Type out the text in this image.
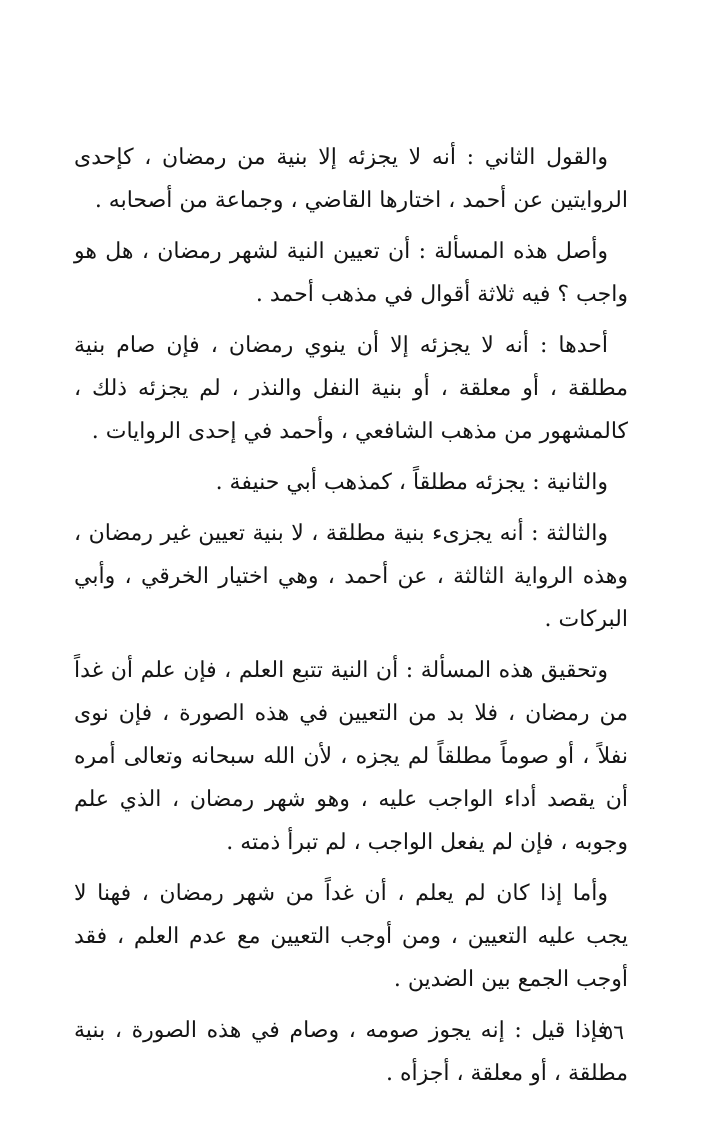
والقول الثاني : أنه لا يجزئه إلا بنية من رمضان ، كإحدى الروايتين عن أحمد ، اختارها القاضي ، وجماعة من أصحابه .

وأصل هذه المسألة : أن تعيين النية لشهر رمضان ، هل هو واجب ؟ فيه ثلاثة أقوال في مذهب أحمد .

أحدها : أنه لا يجزئه إلا أن ينوي رمضان ، فإن صام بنية مطلقة ، أو معلقة ، أو بنية النفل والنذر ، لم يجزئه ذلك ، كالمشهور من مذهب الشافعي ، وأحمد في إحدى الروايات .

والثانية : يجزئه مطلقاً ، كمذهب أبي حنيفة .

والثالثة : أنه يجزىء بنية مطلقة ، لا بنية تعيين غير رمضان ، وهذه الرواية الثالثة ، عن أحمد ، وهي اختيار الخرقي ، وأبي البركات .

وتحقيق هذه المسألة : أن النية تتبع العلم ، فإن علم أن غداً من رمضان ، فلا بد من التعيين في هذه الصورة ، فإن نوى نفلاً ، أو صوماً مطلقاً لم يجزه ، لأن الله سبحانه وتعالى أمره أن يقصد أداء الواجب عليه ، وهو شهر رمضان ، الذي علم وجوبه ، فإن لم يفعل الواجب ، لم تبرأ ذمته .

وأما إذا كان لم يعلم ، أن غداً من شهر رمضان ، فهنا لا يجب عليه التعيين ، ومن أوجب التعيين مع عدم العلم ، فقد أوجب الجمع بين الضدين .

فإذا قيل : إنه يجوز صومه ، وصام في هذه الصورة ، بنية مطلقة ، أو معلقة ، أجزأه .

٥٦
